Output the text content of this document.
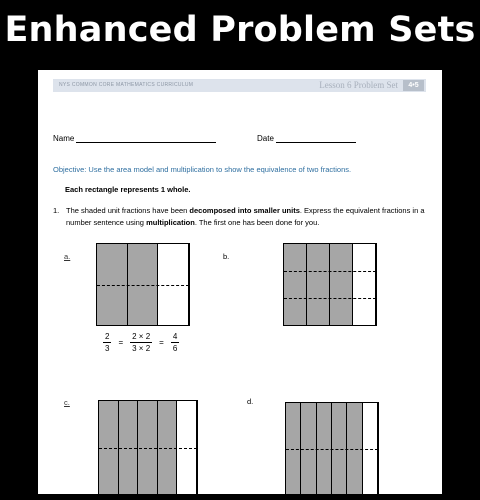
Enhanced Problem Sets
NYS COMMON CORE MATHEMATICS CURRICULUM	Lesson 6 Problem Set	4•5
Name	Date
Objective: Use the area model and multiplication to show the equivalence of two fractions.
Each rectangle represents 1 whole.
1. The shaded unit fractions have been decomposed into smaller units. Express the equivalent fractions in a number sentence using multiplication. The first one has been done for you.
a.
$\frac{2}{3} = \frac{2 \times 2}{3 \times 2} = \frac{4}{6}$
b.
c.	d.
